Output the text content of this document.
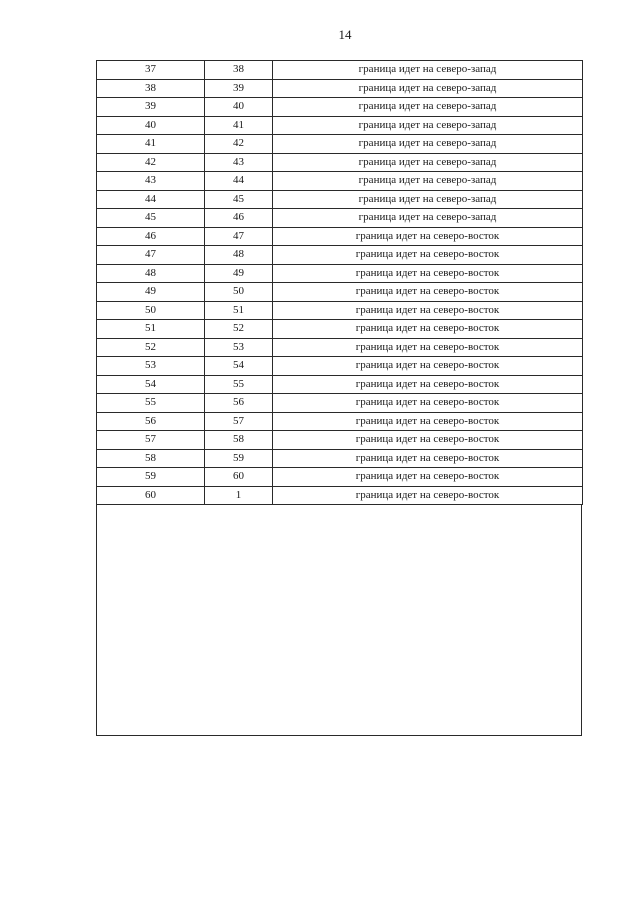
14
37	38	граница идет на северо-запад
38	39	граница идет на северо-запад
39	40	граница идет на северо-запад
40	41	граница идет на северо-запад
41	42	граница идет на северо-запад
42	43	граница идет на северо-запад
43	44	граница идет на северо-запад
44	45	граница идет на северо-запад
45	46	граница идет на северо-запад
46	47	граница идет на северо-восток
47	48	граница идет на северо-восток
48	49	граница идет на северо-восток
49	50	граница идет на северо-восток
50	51	граница идет на северо-восток
51	52	граница идет на северо-восток
52	53	граница идет на северо-восток
53	54	граница идет на северо-восток
54	55	граница идет на северо-восток
55	56	граница идет на северо-восток
56	57	граница идет на северо-восток
57	58	граница идет на северо-восток
58	59	граница идет на северо-восток
59	60	граница идет на северо-восток
60	1	граница идет на северо-восток
